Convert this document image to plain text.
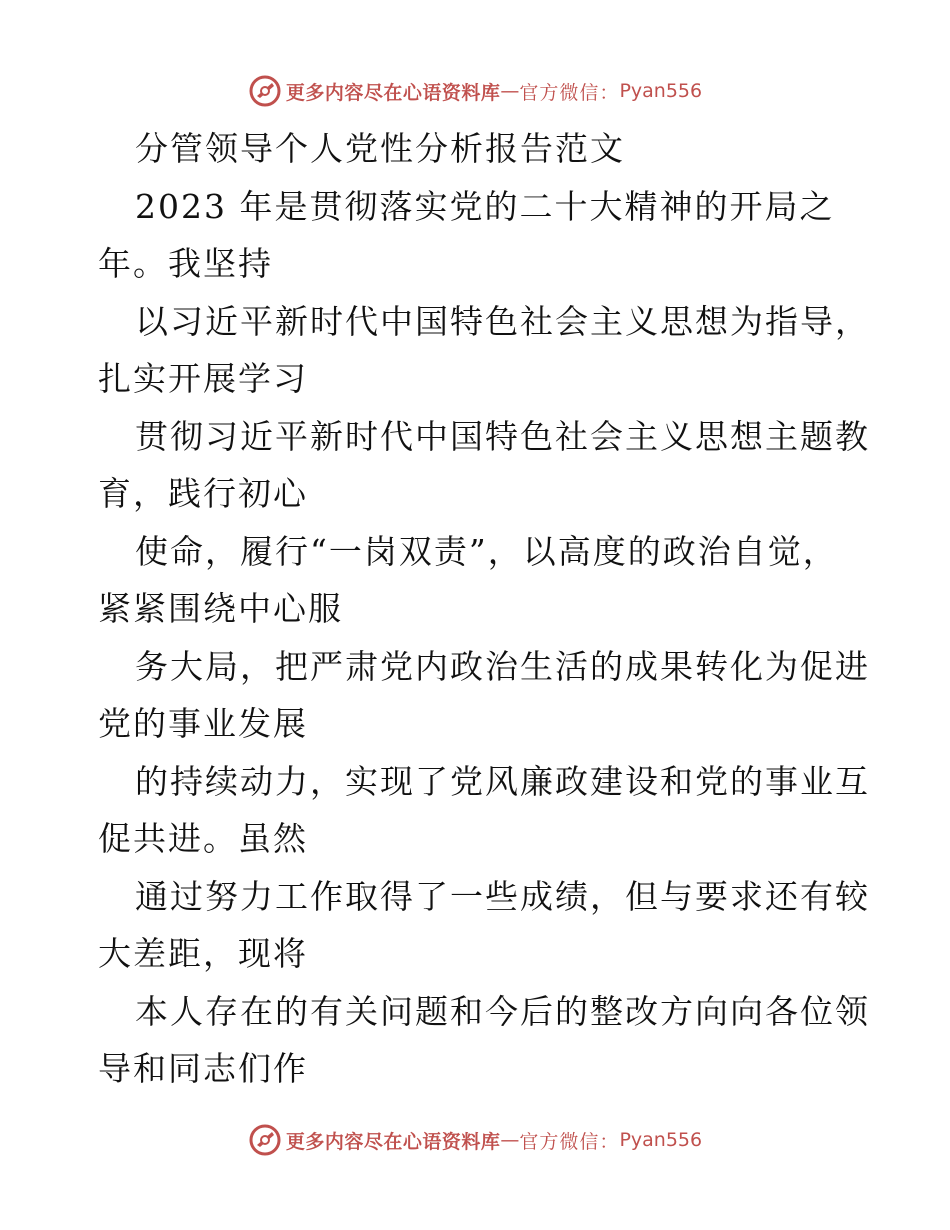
更多内容尽在心语资料库 — 官方微信： Pyan556
分管领导个人党性分析报告范文
2023 年是贯彻落实党的二十大精神的开局之
年。我坚持
以习近平新时代中国特色社会主义思想为指导，
扎实开展学习
贯彻习近平新时代中国特色社会主义思想主题教
育，践行初心
使命，履行“一岗双责”，以高度的政治自觉，
紧紧围绕中心服
务大局，把严肃党内政治生活的成果转化为促进
党的事业发展
的持续动力，实现了党风廉政建设和党的事业互
促共进。虽然
通过努力工作取得了一些成绩，但与要求还有较
大差距，现将
本人存在的有关问题和今后的整改方向向各位领
导和同志们作
更多内容尽在心语资料库 — 官方微信： Pyan556
